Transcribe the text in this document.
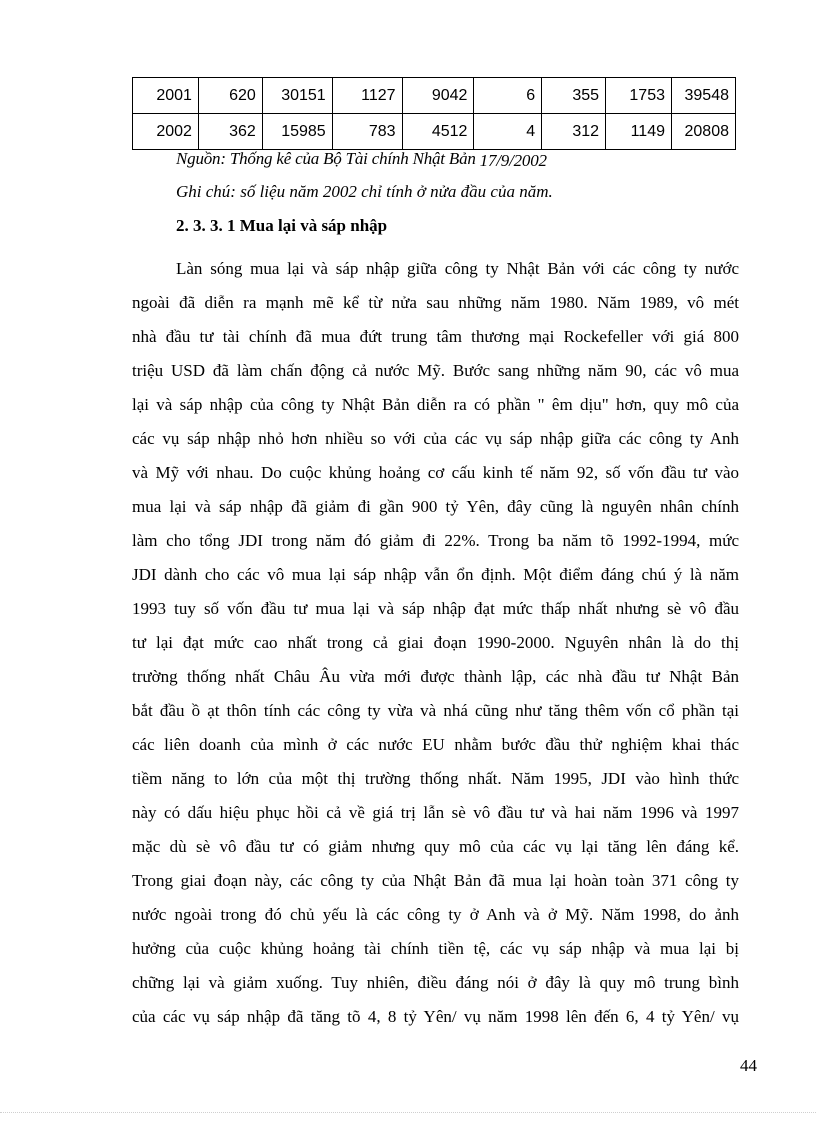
2001	620	30151	1127	9042	6	355	1753	39548
2002	362	15985	783	4512	4	312	1149	20808
Nguồn: Thống kê của Bộ Tài chính Nhật Bản 17/9/2002
Ghi chú: số liệu năm 2002 chỉ tính ở nửa đầu của năm.
2. 3. 3. 1 Mua lại và sáp nhập
Làn sóng mua lại và sáp nhập giữa công ty Nhật Bản với các công ty nước
ngoài đã diễn ra mạnh mẽ kể từ nửa sau những năm 1980. Năm 1989, vô mét
nhà đầu tư tài chính đã mua đứt trung tâm thương mại Rockefeller với giá 800
triệu USD đã làm chấn động cả nước Mỹ. Bước sang những năm 90, các vô mua
lại và sáp nhập của công ty Nhật Bản diễn ra có phần " êm dịu" hơn, quy mô của
các vụ sáp nhập nhỏ hơn nhiều so với của các vụ sáp nhập giữa các công ty Anh
và Mỹ với nhau. Do cuộc khủng hoảng cơ cấu kinh tế năm 92, số vốn đầu tư vào
mua lại và sáp nhập đã giảm đi gần 900 tỷ Yên, đây cũng là nguyên nhân chính
làm cho tổng JDI trong năm đó giảm đi 22%. Trong ba năm tõ 1992-1994, mức
JDI dành cho các vô mua lại sáp nhập vẫn ổn định. Một điểm đáng chú ý là năm
1993 tuy số vốn đầu tư mua lại và sáp nhập đạt mức thấp nhất nhưng sè vô đầu
tư lại đạt mức cao nhất trong cả giai đoạn 1990-2000. Nguyên nhân là do thị
trường thống nhất Châu Âu vừa mới được thành lập, các nhà đầu tư Nhật Bản
bắt đầu ồ ạt thôn tính các công ty vừa và nhá cũng như tăng thêm vốn cổ phần tại
các liên doanh của mình ở các nước EU nhằm bước đầu thử nghiệm khai thác
tiềm năng to lớn của một thị trường thống nhất. Năm 1995, JDI vào hình thức
này có dấu hiệu phục hồi cả về giá trị lẫn sè vô đầu tư và hai năm 1996 và 1997
mặc dù sè vô đầu tư có giảm nhưng quy mô của các vụ lại tăng lên đáng kể.
Trong giai đoạn này, các công ty của Nhật Bản đã mua lại hoàn toàn 371 công ty
nước ngoài trong đó chủ yếu là các công ty ở Anh và ở Mỹ. Năm 1998, do ảnh
hưởng của cuộc khủng hoảng tài chính tiền tệ, các vụ sáp nhập và mua lại bị
chững lại và giảm xuống. Tuy nhiên, điều đáng nói ở đây là quy mô trung bình
của các vụ sáp nhập đã tăng tõ 4, 8 tỷ Yên/ vụ năm 1998 lên đến 6, 4 tỷ Yên/ vụ
44
